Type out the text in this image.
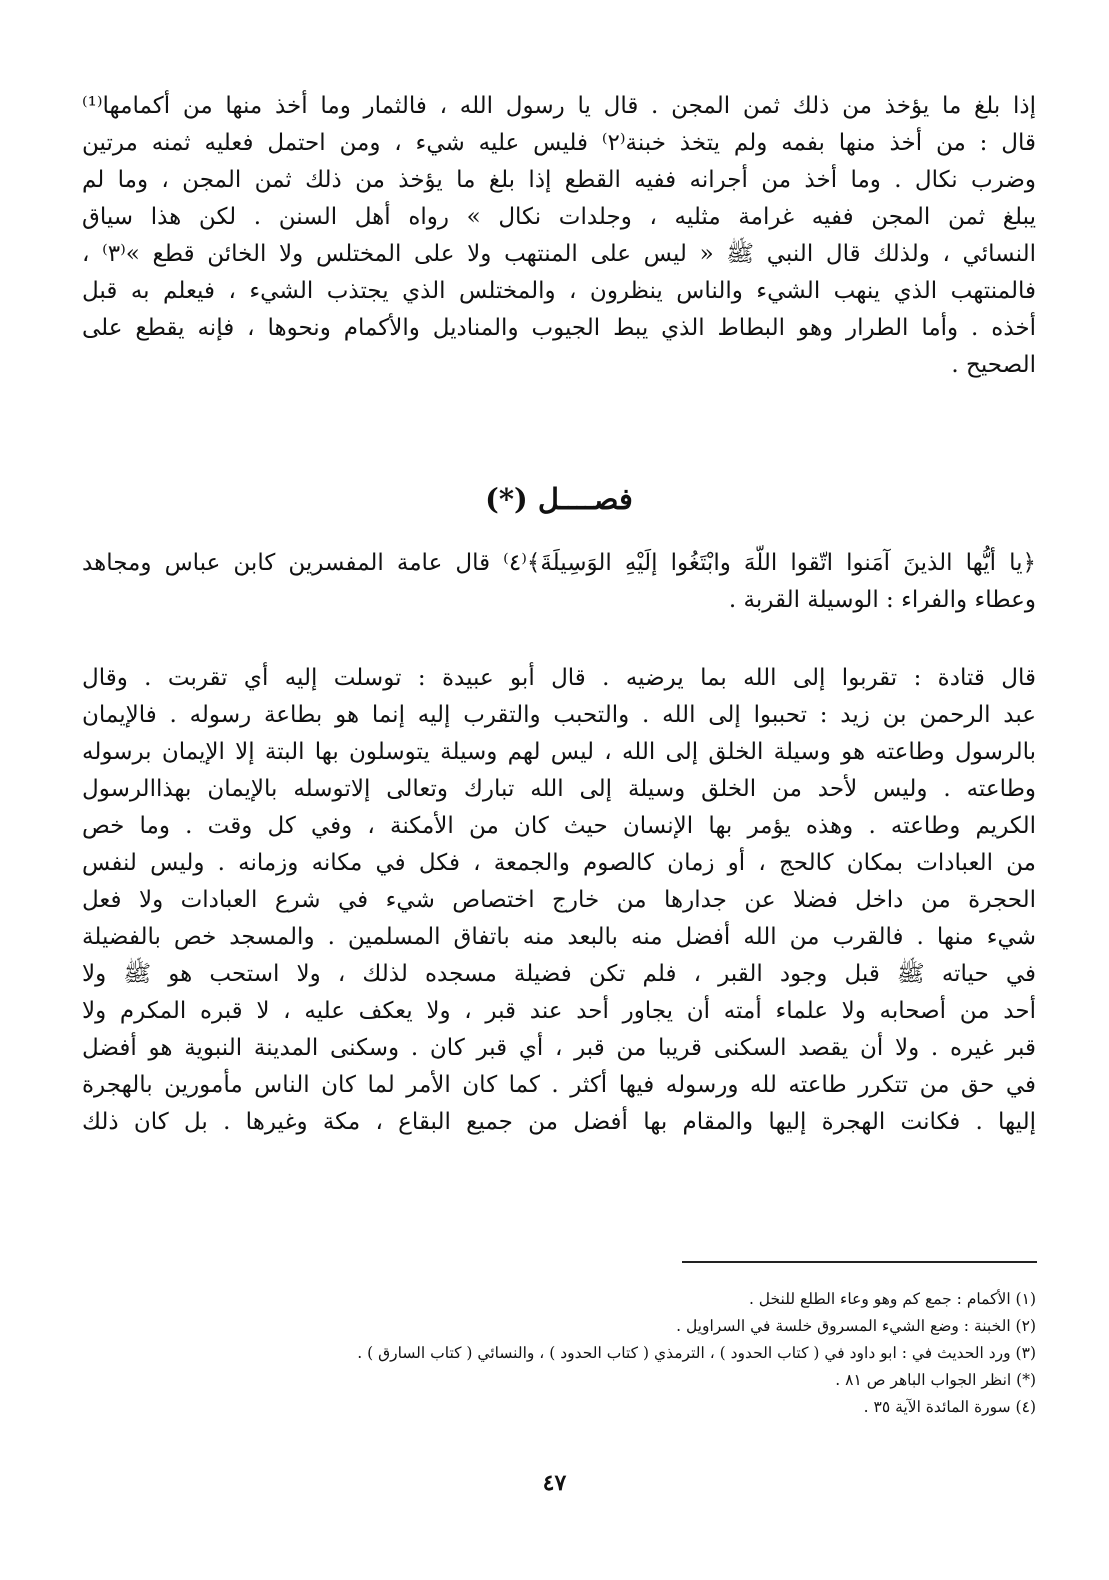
إذا بلغ ما يؤخذ من ذلك ثمن المجن . قال يا رسول الله ، فالثمار وما أخذ منها من أكمامها⁽¹⁾
قال : من أخذ منها بفمه ولم يتخذ خبنة⁽٢⁾ فليس عليه شيء ، ومن احتمل فعليه ثمنه مرتين
وضرب نكال . وما أخذ من أجرانه ففيه القطع إذا بلغ ما يؤخذ من ذلك ثمن المجن ، وما لم
يبلغ ثمن المجن ففيه غرامة مثليه ، وجلدات نكال » رواه أهل السنن . لكن هذا سياق
النسائي ، ولذلك قال النبي ﷺ « ليس على المنتهب ولا على المختلس ولا الخائن قطع »⁽٣⁾ ،
فالمنتهب الذي ينهب الشيء والناس ينظرون ، والمختلس الذي يجتذب الشيء ، فيعلم به قبل
أخذه . وأما الطرار وهو البطاط الذي يبط الجيوب والمناديل والأكمام ونحوها ، فإنه يقطع على
الصحيح .
فصــــل (*)
﴿يا أيُّها الذينَ آمَنوا اتّقوا اللّهَ وابْتَغُوا إلَيْهِ الوَسِيلَةَ﴾⁽٤⁾ قال عامة المفسرين كابن عباس ومجاهد
وعطاء والفراء : الوسيلة القربة .
قال قتادة : تقربوا إلى الله بما يرضيه . قال أبو عبيدة : توسلت إليه أي تقربت . وقال
عبد الرحمن بن زيد : تحببوا إلى الله . والتحبب والتقرب إليه إنما هو بطاعة رسوله . فالإيمان
بالرسول وطاعته هو وسيلة الخلق إلى الله ، ليس لهم وسيلة يتوسلون بها البتة إلا الإيمان برسوله
وطاعته . وليس لأحد من الخلق وسيلة إلى الله تبارك وتعالى إلاتوسله بالإيمان بهذاالرسول
الكريم وطاعته . وهذه يؤمر بها الإنسان حيث كان من الأمكنة ، وفي كل وقت . وما خص
من العبادات بمكان كالحج ، أو زمان كالصوم والجمعة ، فكل في مكانه وزمانه . وليس لنفس
الحجرة من داخل فضلا عن جدارها من خارج اختصاص شيء في شرع العبادات ولا فعل
شيء منها . فالقرب من الله أفضل منه بالبعد منه باتفاق المسلمين . والمسجد خص بالفضيلة
في حياته ﷺ قبل وجود القبر ، فلم تكن فضيلة مسجده لذلك ، ولا استحب هو ﷺ ولا
أحد من أصحابه ولا علماء أمته أن يجاور أحد عند قبر ، ولا يعكف عليه ، لا قبره المكرم ولا
قبر غيره . ولا أن يقصد السكنى قريبا من قبر ، أي قبر كان . وسكنى المدينة النبوية هو أفضل
في حق من تتكرر طاعته لله ورسوله فيها أكثر . كما كان الأمر لما كان الناس مأمورين بالهجرة
إليها . فكانت الهجرة إليها والمقام بها أفضل من جميع البقاع ، مكة وغيرها . بل كان ذلك
(١) الأكمام : جمع كم وهو وعاء الطلع للنخل .
(٢) الخبنة : وضع الشيء المسروق خلسة في السراويل .
(٣) ورد الحديث في : ابو داود في ( كتاب الحدود ) ، الترمذي ( كتاب الحدود ) ، والنسائي ( كتاب السارق ) .
(*) انظر الجواب الباهر ص ٨١ .
(٤) سورة المائدة الآية ٣٥ .
٤٧
